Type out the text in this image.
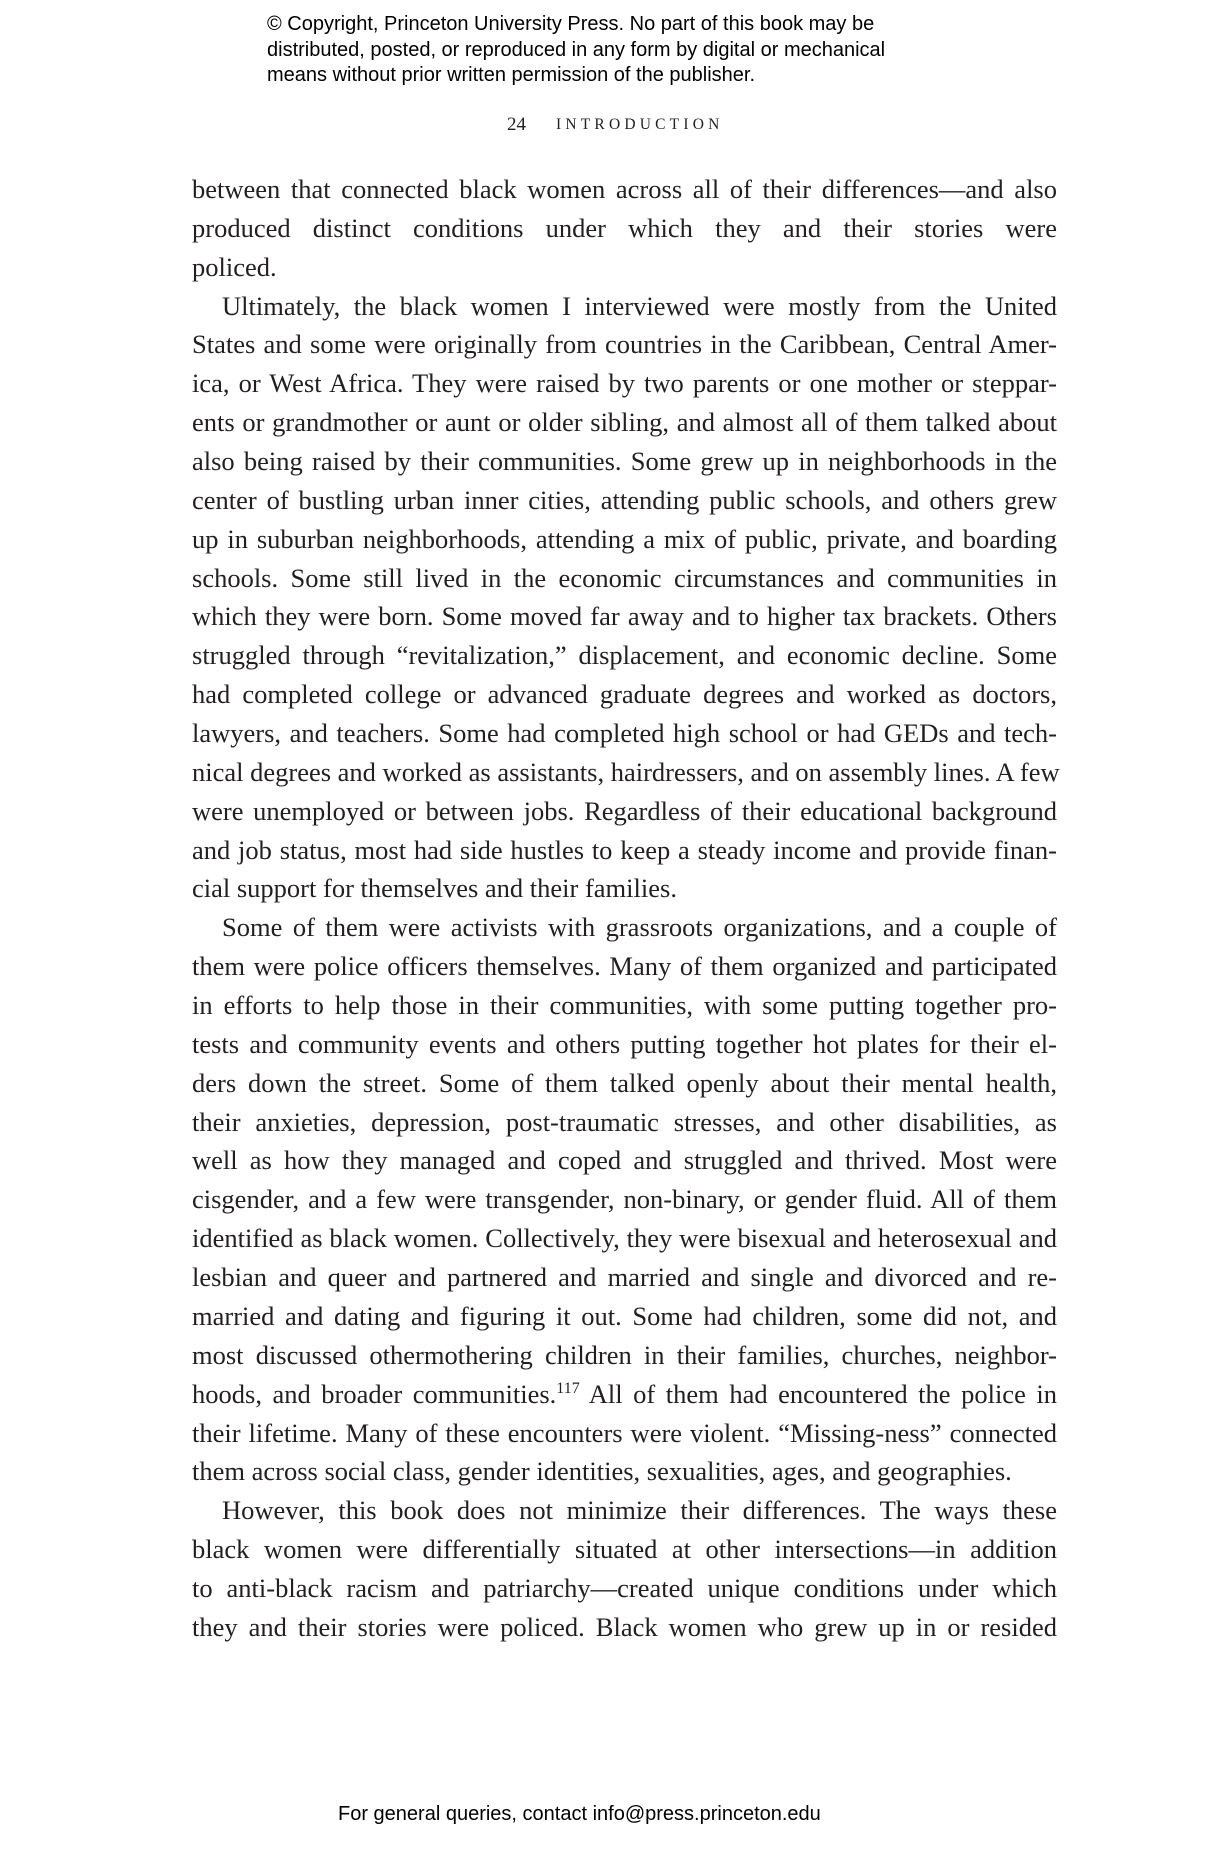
© Copyright, Princeton University Press. No part of this book may be
distributed, posted, or reproduced in any form by digital or mechanical
means without prior written permission of the publisher.
24 INTRODUCTION
between that connected black women across all of their differences—and also
produced distinct conditions under which they and their stories were
policed.
Ultimately, the black women I interviewed were mostly from the United
States and some were originally from countries in the Caribbean, Central Amer-
ica, or West Africa. They were raised by two parents or one mother or steppar-
ents or grandmother or aunt or older sibling, and almost all of them talked about
also being raised by their communities. Some grew up in neighborhoods in the
center of bustling urban inner cities, attending public schools, and others grew
up in suburban neighborhoods, attending a mix of public, private, and boarding
schools. Some still lived in the economic circumstances and communities in
which they were born. Some moved far away and to higher tax brackets. Others
struggled through “revitalization,” displacement, and economic decline. Some
had completed college or advanced graduate degrees and worked as doctors,
lawyers, and teachers. Some had completed high school or had GEDs and tech-
nical degrees and worked as assistants, hairdressers, and on assembly lines. A few
were unemployed or between jobs. Regardless of their educational background
and job status, most had side hustles to keep a steady income and provide finan-
cial support for themselves and their families.
Some of them were activists with grassroots organizations, and a couple of
them were police officers themselves. Many of them organized and participated
in efforts to help those in their communities, with some putting together pro-
tests and community events and others putting together hot plates for their el-
ders down the street. Some of them talked openly about their mental health,
their anxieties, depression, post-traumatic stresses, and other disabilities, as
well as how they managed and coped and struggled and thrived. Most were
cisgender, and a few were transgender, non-binary, or gender fluid. All of them
identified as black women. Collectively, they were bisexual and heterosexual and
lesbian and queer and partnered and married and single and divorced and re-
married and dating and figuring it out. Some had children, some did not, and
most discussed othermothering children in their families, churches, neighbor-
hoods, and broader communities.$^{117}$ All of them had encountered the police in
their lifetime. Many of these encounters were violent. “Missing-ness” connected
them across social class, gender identities, sexualities, ages, and geographies.
However, this book does not minimize their differences. The ways these
black women were differentially situated at other intersections—in addition
to anti-black racism and patriarchy—created unique conditions under which
they and their stories were policed. Black women who grew up in or resided
For general queries, contact info@press.princeton.edu
